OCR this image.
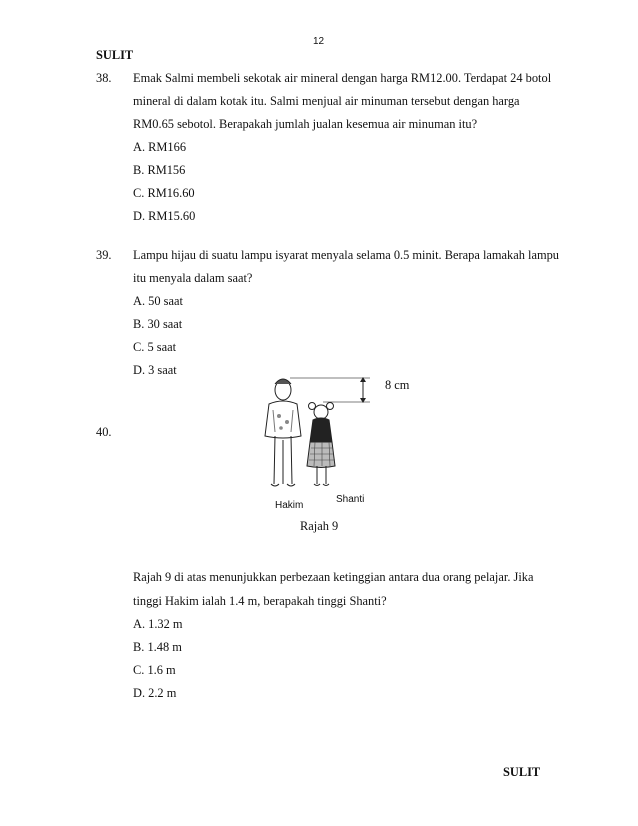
12
SULIT
38. Emak Salmi membeli sekotak air mineral dengan harga RM12.00. Terdapat 24 botol
mineral di dalam kotak itu. Salmi menjual air minuman tersebut dengan harga
RM0.65 sebotol. Berapakah jumlah jualan kesemua air minuman itu?
A. RM166
B. RM156
C. RM16.60
D. RM15.60
39. Lampu hijau di suatu lampu isyarat menyala selama 0.5 minit. Berapa lamakah lampu
itu menyala dalam saat?
A. 50 saat
B. 30 saat
C. 5 saat
D. 3 saat
40.
8 cm
Hakim
Shanti
Rajah 9
Rajah 9 di atas menunjukkan perbezaan ketinggian antara dua orang pelajar. Jika
tinggi Hakim ialah 1.4 m, berapakah tinggi Shanti?
A. 1.32 m
B. 1.48 m
C. 1.6 m
D. 2.2 m
SULIT
